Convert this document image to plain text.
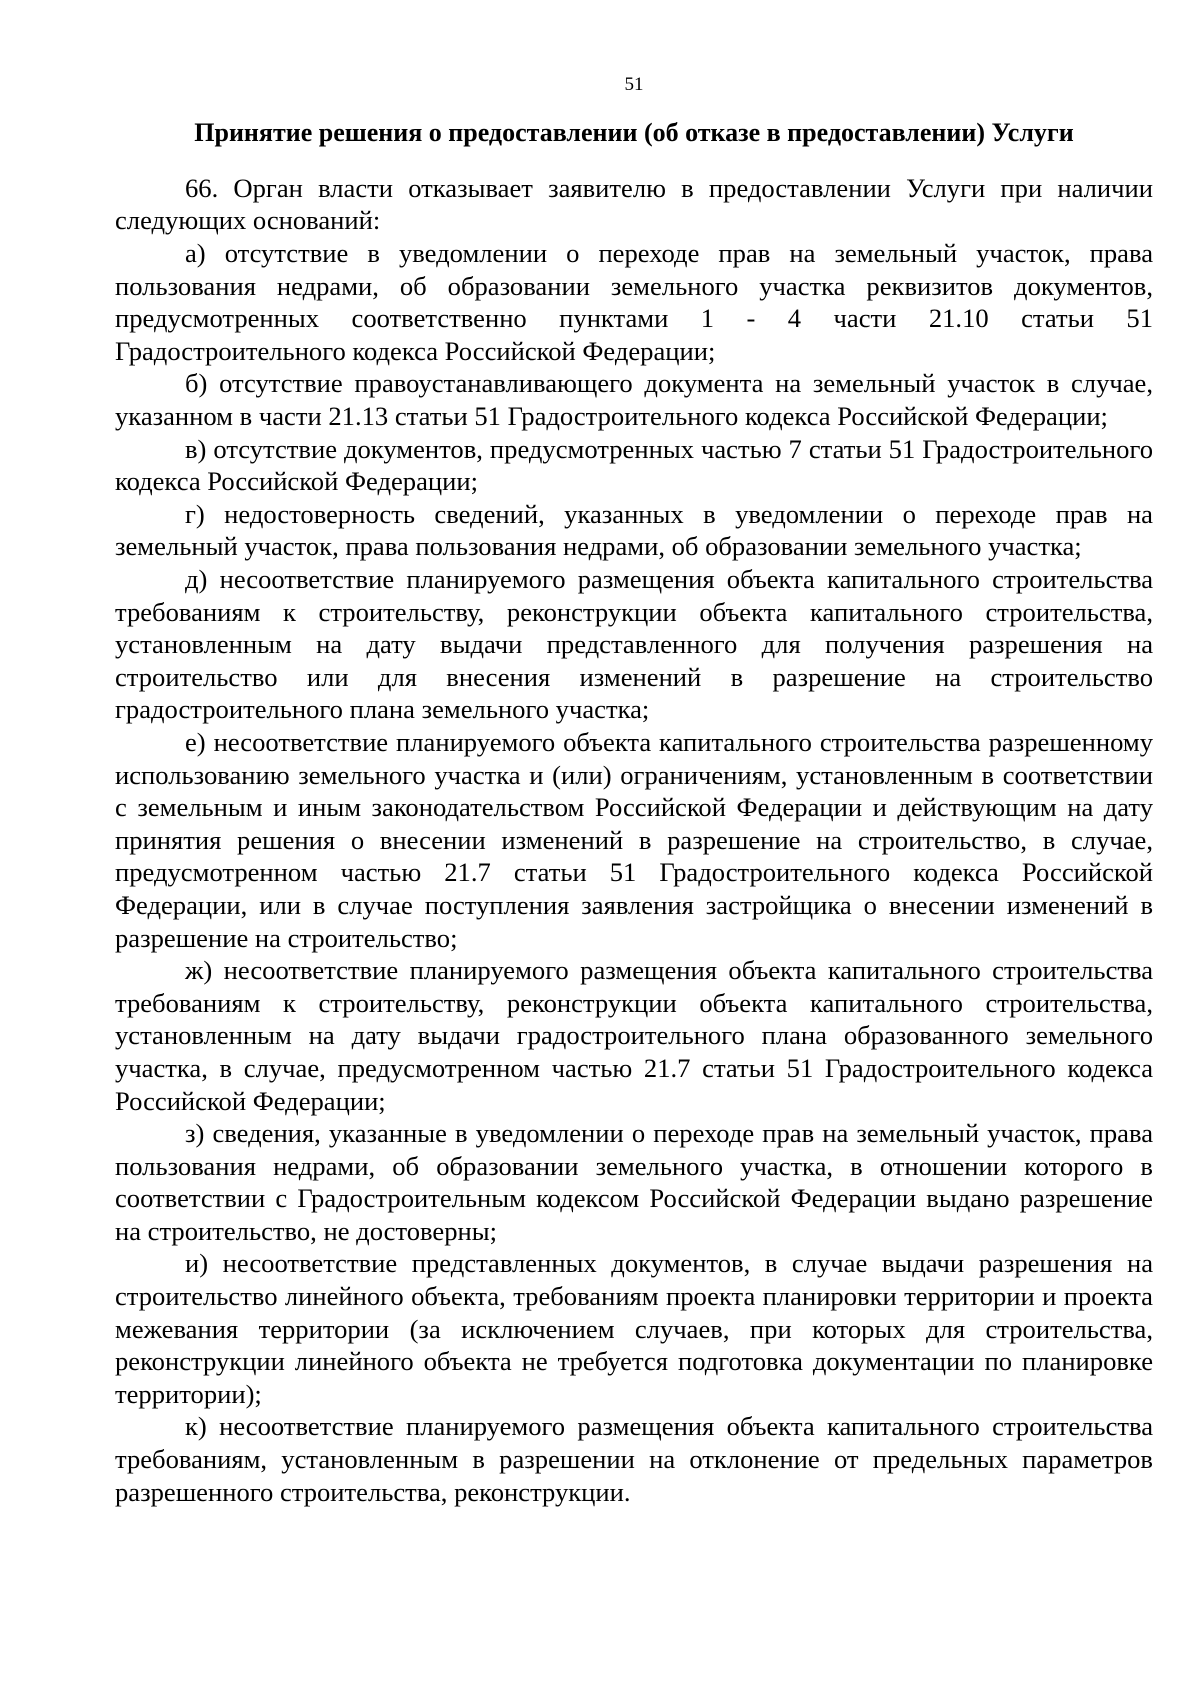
51
Принятие решения о предоставлении (об отказе в предоставлении) Услуги

66. Орган власти отказывает заявителю в предоставлении Услуги при наличии следующих оснований:

а) отсутствие в уведомлении о переходе прав на земельный участок, права пользования недрами, об образовании земельного участка реквизитов документов, предусмотренных соответственно пунктами 1 - 4 части 21.10 статьи 51 Градостроительного кодекса Российской Федерации;

б) отсутствие правоустанавливающего документа на земельный участок в случае, указанном в части 21.13 статьи 51 Градостроительного кодекса Российской Федерации;

в) отсутствие документов, предусмотренных частью 7 статьи 51 Градостроительного кодекса Российской Федерации;

г) недостоверность сведений, указанных в уведомлении о переходе прав на земельный участок, права пользования недрами, об образовании земельного участка;

д) несоответствие планируемого размещения объекта капитального строительства требованиям к строительству, реконструкции объекта капитального строительства, установленным на дату выдачи представленного для получения разрешения на строительство или для внесения изменений в разрешение на строительство градостроительного плана земельного участка;

е) несоответствие планируемого объекта капитального строительства разрешенному использованию земельного участка и (или) ограничениям, установленным в соответствии с земельным и иным законодательством Российской Федерации и действующим на дату принятия решения о внесении изменений в разрешение на строительство, в случае, предусмотренном частью 21.7 статьи 51 Градостроительного кодекса Российской Федерации, или в случае поступления заявления застройщика о внесении изменений в разрешение на строительство;

ж) несоответствие планируемого размещения объекта капитального строительства требованиям к строительству, реконструкции объекта капитального строительства, установленным на дату выдачи градостроительного плана образованного земельного участка, в случае, предусмотренном частью 21.7 статьи 51 Градостроительного кодекса Российской Федерации;

з) сведения, указанные в уведомлении о переходе прав на земельный участок, права пользования недрами, об образовании земельного участка, в отношении которого в соответствии с Градостроительным кодексом Российской Федерации выдано разрешение на строительство, не достоверны;

и) несоответствие представленных документов, в случае выдачи разрешения на строительство линейного объекта, требованиям проекта планировки территории и проекта межевания территории (за исключением случаев, при которых для строительства, реконструкции линейного объекта не требуется подготовка документации по планировке территории);

к) несоответствие планируемого размещения объекта капитального строительства требованиям, установленным в разрешении на отклонение от предельных параметров разрешенного строительства, реконструкции.
